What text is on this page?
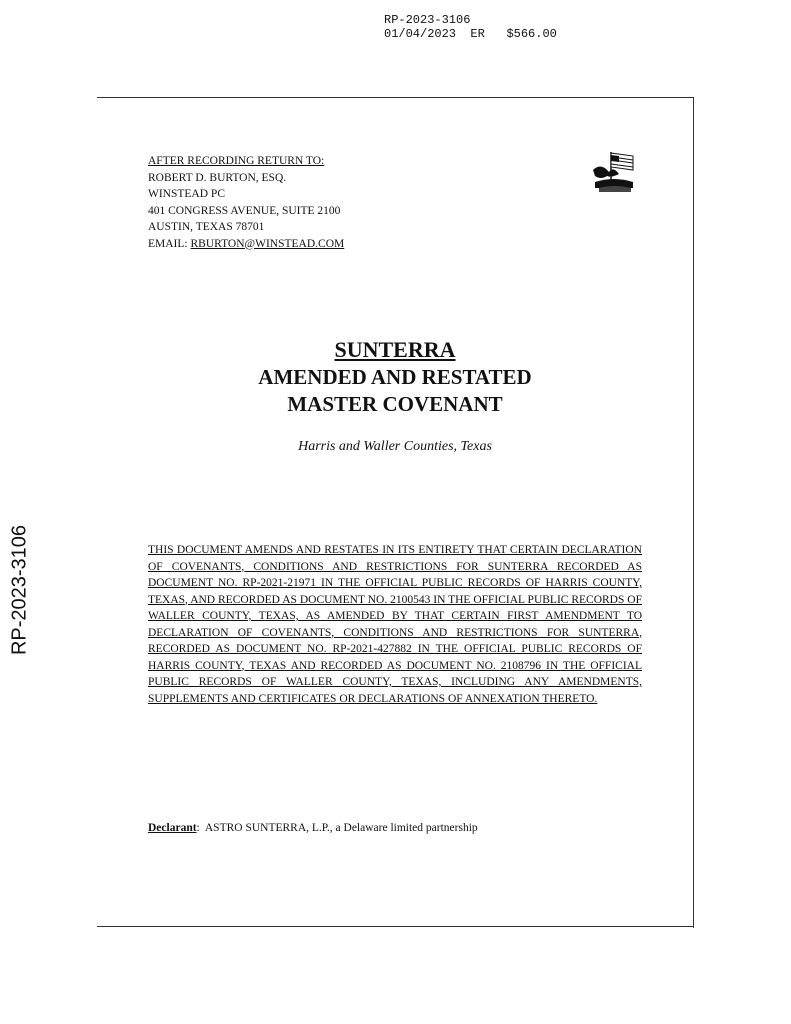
RP-2023-3106
01/04/2023 ER $566.00
RP-2023-3106
AFTER RECORDING RETURN TO:
ROBERT D. BURTON, ESQ.
WINSTEAD PC
401 CONGRESS AVENUE, SUITE 2100
AUSTIN, TEXAS 78701
EMAIL: RBURTON@WINSTEAD.COM
SUNTERRA
AMENDED AND RESTATED
MASTER COVENANT
Harris and Waller Counties, Texas
THIS DOCUMENT AMENDS AND RESTATES IN ITS ENTIRETY THAT CERTAIN DECLARATION OF COVENANTS, CONDITIONS AND RESTRICTIONS FOR SUNTERRA RECORDED AS DOCUMENT NO. RP-2021-21971 IN THE OFFICIAL PUBLIC RECORDS OF HARRIS COUNTY, TEXAS, AND RECORDED AS DOCUMENT NO. 2100543 IN THE OFFICIAL PUBLIC RECORDS OF WALLER COUNTY, TEXAS, AS AMENDED BY THAT CERTAIN FIRST AMENDMENT TO DECLARATION OF COVENANTS, CONDITIONS AND RESTRICTIONS FOR SUNTERRA, RECORDED AS DOCUMENT NO. RP-2021-427882 IN THE OFFICIAL PUBLIC RECORDS OF HARRIS COUNTY, TEXAS AND RECORDED AS DOCUMENT NO. 2108796 IN THE OFFICIAL PUBLIC RECORDS OF WALLER COUNTY, TEXAS, INCLUDING ANY AMENDMENTS, SUPPLEMENTS AND CERTIFICATES OR DECLARATIONS OF ANNEXATION THERETO.
Declarant: ASTRO SUNTERRA, L.P., a Delaware limited partnership
